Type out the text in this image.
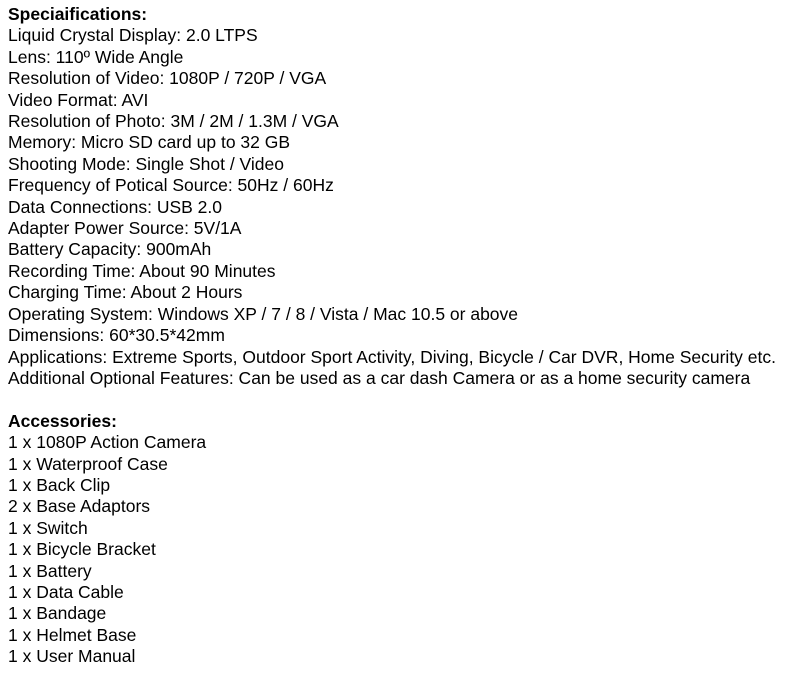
Speciaifications:
Liquid Crystal Display: 2.0 LTPS
Lens: 110º Wide Angle
Resolution of Video: 1080P / 720P / VGA
Video Format: AVI
Resolution of Photo: 3M / 2M / 1.3M / VGA
Memory: Micro SD card up to 32 GB
Shooting Mode: Single Shot / Video
Frequency of Potical Source: 50Hz / 60Hz
Data Connections: USB 2.0
Adapter Power Source: 5V/1A
Battery Capacity: 900mAh
Recording Time: About 90 Minutes
Charging Time: About 2 Hours
Operating System: Windows XP / 7 / 8 / Vista / Mac 10.5 or above
Dimensions: 60*30.5*42mm
Applications: Extreme Sports, Outdoor Sport Activity, Diving, Bicycle / Car DVR, Home Security etc.
Additional Optional Features: Can be used as a car dash Camera or as a home security camera
Accessories:
1 x 1080P Action Camera
1 x Waterproof Case
1 x Back Clip
2 x Base Adaptors
1 x Switch
1 x Bicycle Bracket
1 x Battery
1 x Data Cable
1 x Bandage
1 x Helmet Base
1 x User Manual
